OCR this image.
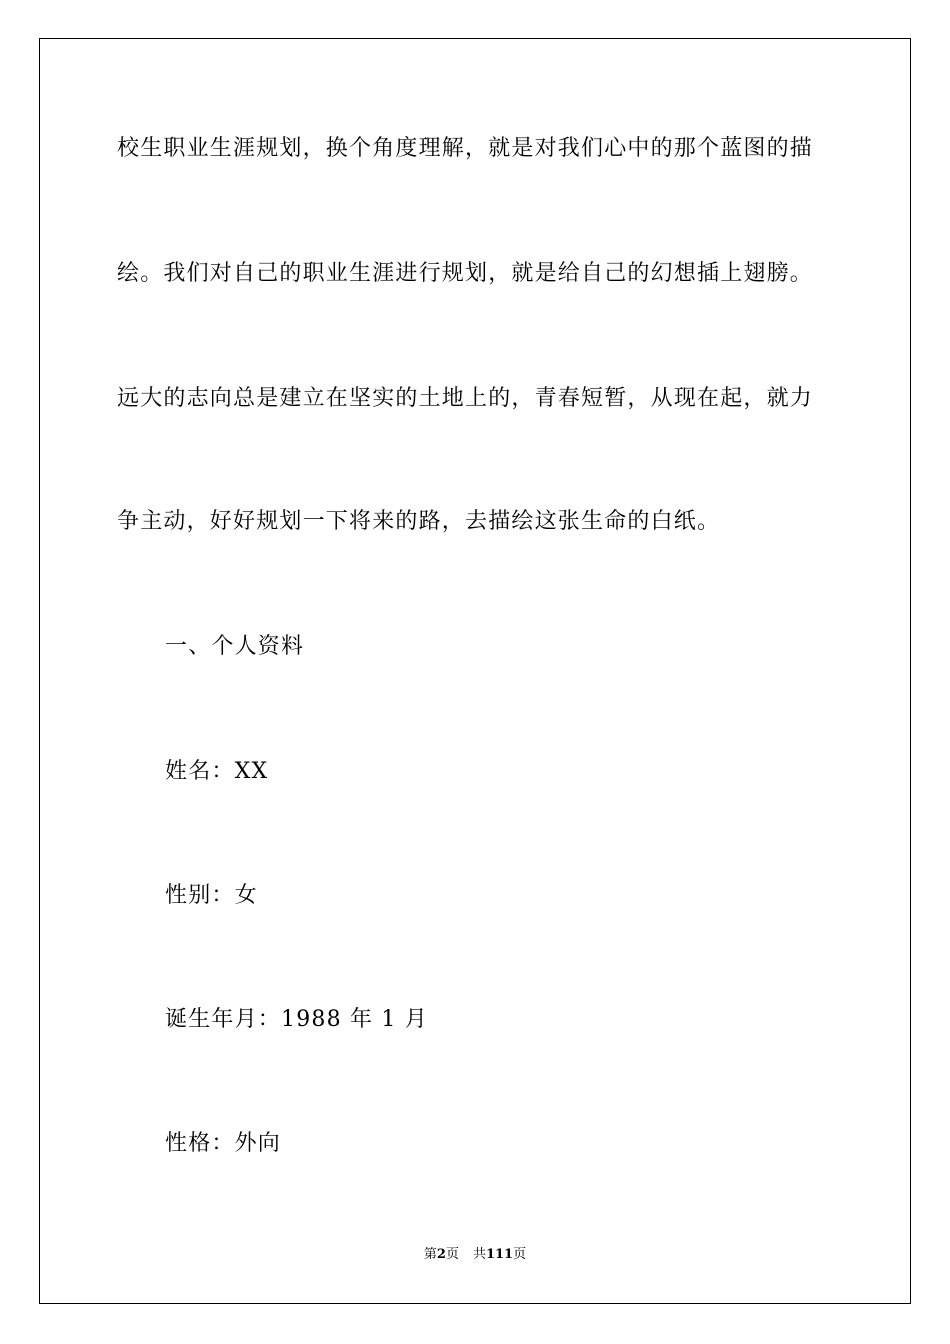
校生职业生涯规划，换个角度理解，就是对我们心中的那个蓝图的描
绘。我们对自己的职业生涯进行规划，就是给自己的幻想插上翅膀。
远大的志向总是建立在坚实的土地上的，青春短暂，从现在起，就力
争主动，好好规划一下将来的路，去描绘这张生命的白纸。
一、个人资料
姓名：XX
性别：女
诞生年月：1988 年 1 月
性格：外向
第2页 共111页
